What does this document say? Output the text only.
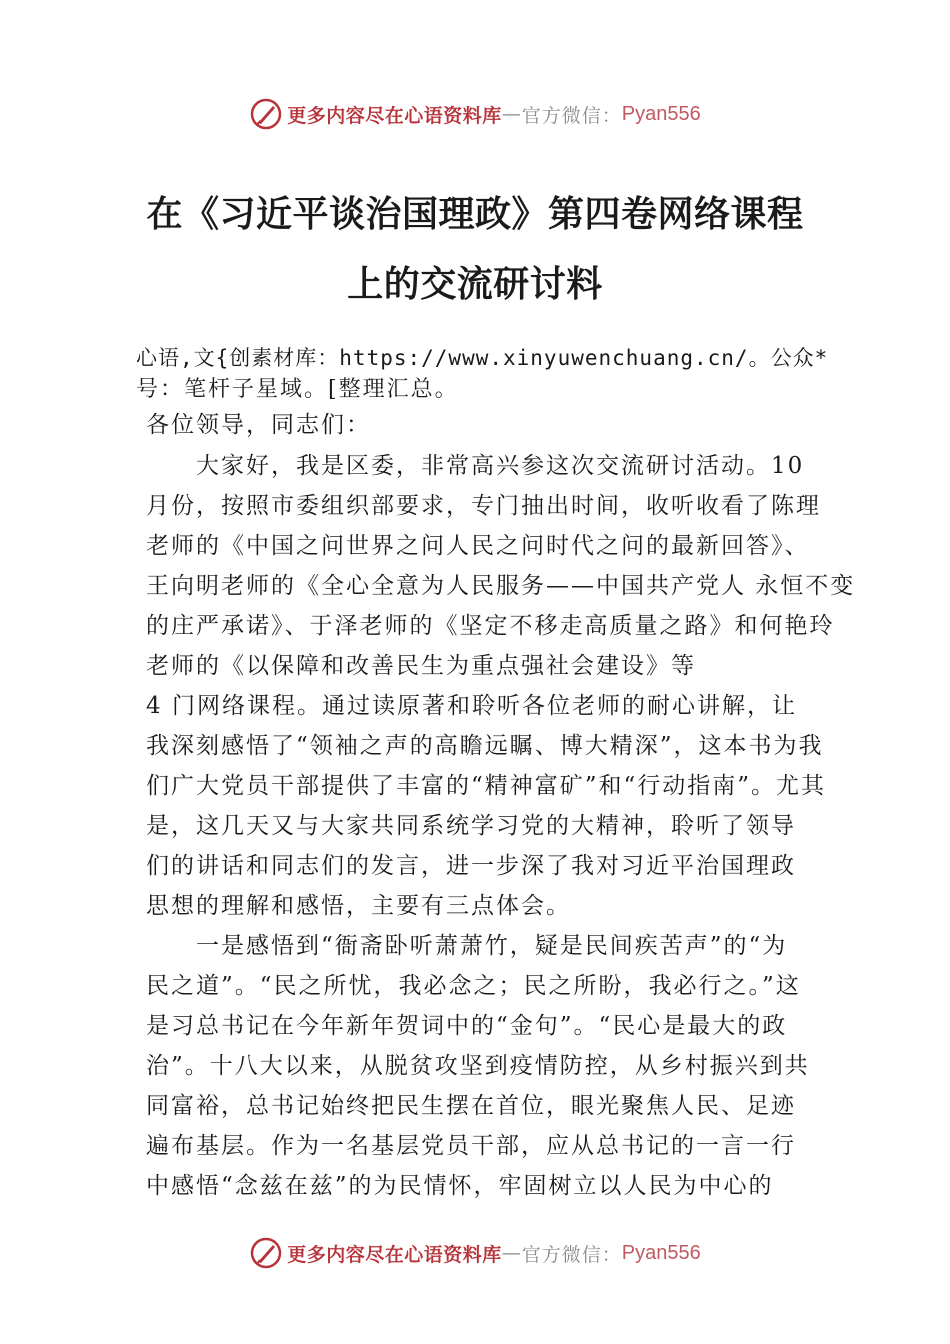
更多内容尽在心语资料库 — 官方微信： Pyan556
在《习近平谈治国理政》第四卷网络课程
上的交流研讨料
心语,文{创素材库：https://www.xinyuwenchuang.cn/。公众*
号：笔杆子星域。[整理汇总。
各位领导，同志们：
大家好，我是区委，非常高兴参这次交流研讨活动。10
月份，按照市委组织部要求，专门抽出时间，收听收看了陈理
老师的《中国之问世界之问人民之问时代之问的最新回答》、
王向明老师的《全心全意为人民服务——中国共产党人 永恒不变
的庄严承诺》、于泽老师的《坚定不移走高质量之路》和何艳玲
老师的《以保障和改善民生为重点强社会建设》等
4 门网络课程。通过读原著和聆听各位老师的耐心讲解，让
我深刻感悟了“领袖之声的高瞻远瞩、博大精深”，这本书为我
们广大党员干部提供了丰富的“精神富矿”和“行动指南”。尤其
是，这几天又与大家共同系统学习党的大精神，聆听了领导
们的讲话和同志们的发言，进一步深了我对习近平治国理政
思想的理解和感悟，主要有三点体会。
一是感悟到“衙斋卧听萧萧竹，疑是民间疾苦声”的“为
民之道”。“民之所忧，我必念之；民之所盼，我必行之。”这
是习总书记在今年新年贺词中的“金句”。“民心是最大的政
治”。十八大以来，从脱贫攻坚到疫情防控，从乡村振兴到共
同富裕，总书记始终把民生摆在首位，眼光聚焦人民、足迹
遍布基层。作为一名基层党员干部，应从总书记的一言一行
中感悟“念兹在兹”的为民情怀，牢固树立以人民为中心的
更多内容尽在心语资料库 — 官方微信： Pyan556
